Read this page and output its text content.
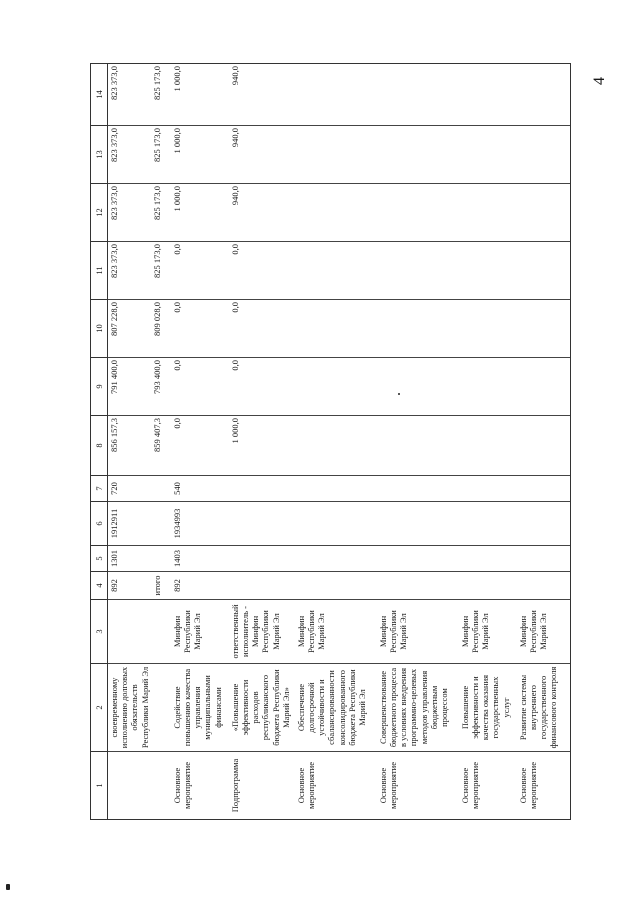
4
1	2	3	4	5	6	7	8	9	10	11	12	13	14
	своевременному исполнению долговых обязательств Республики Марий Эл		892	1301	1912911	720	856 157,3	791 400,0	807 228,0	823 373,0	823 373,0	823 373,0	823 373,0
			итого				859 407,3	793 400,0	809 028,0	825 173,0	825 173,0	825 173,0	825 173,0
Основное мероприятие	Содействие повышению качества управления муниципальными финансами	Минфин Республики Марий Эл	892	1403	1934993	540	0,0	0,0	0,0	0,0	1 000,0	1 000,0	1 000,0
Подпрограмма	«Повышение эффективности расходов республиканского бюджета Республики Марий Эл»	ответственный исполнитель - Минфин Республики Марий Эл					1 000,0	0,0	0,0	0,0	940,0	940,0	940,0
Основное мероприятие	Обеспечение долгосрочной устойчивости и сбалансированности консолидированного бюджета Республики Марий Эл	Минфин Республики Марий Эл											
Основное мероприятие	Совершенствование бюджетного процесса в условиях внедрения программно-целевых методов управления бюджетным процессом	Минфин Республики Марий Эл											
Основное мероприятие	Повышение эффективности и качества оказания государственных услуг	Минфин Республики Марий Эл											
Основное мероприятие	Развитие системы внутреннего государственного финансового контроля	Минфин Республики Марий Эл											
